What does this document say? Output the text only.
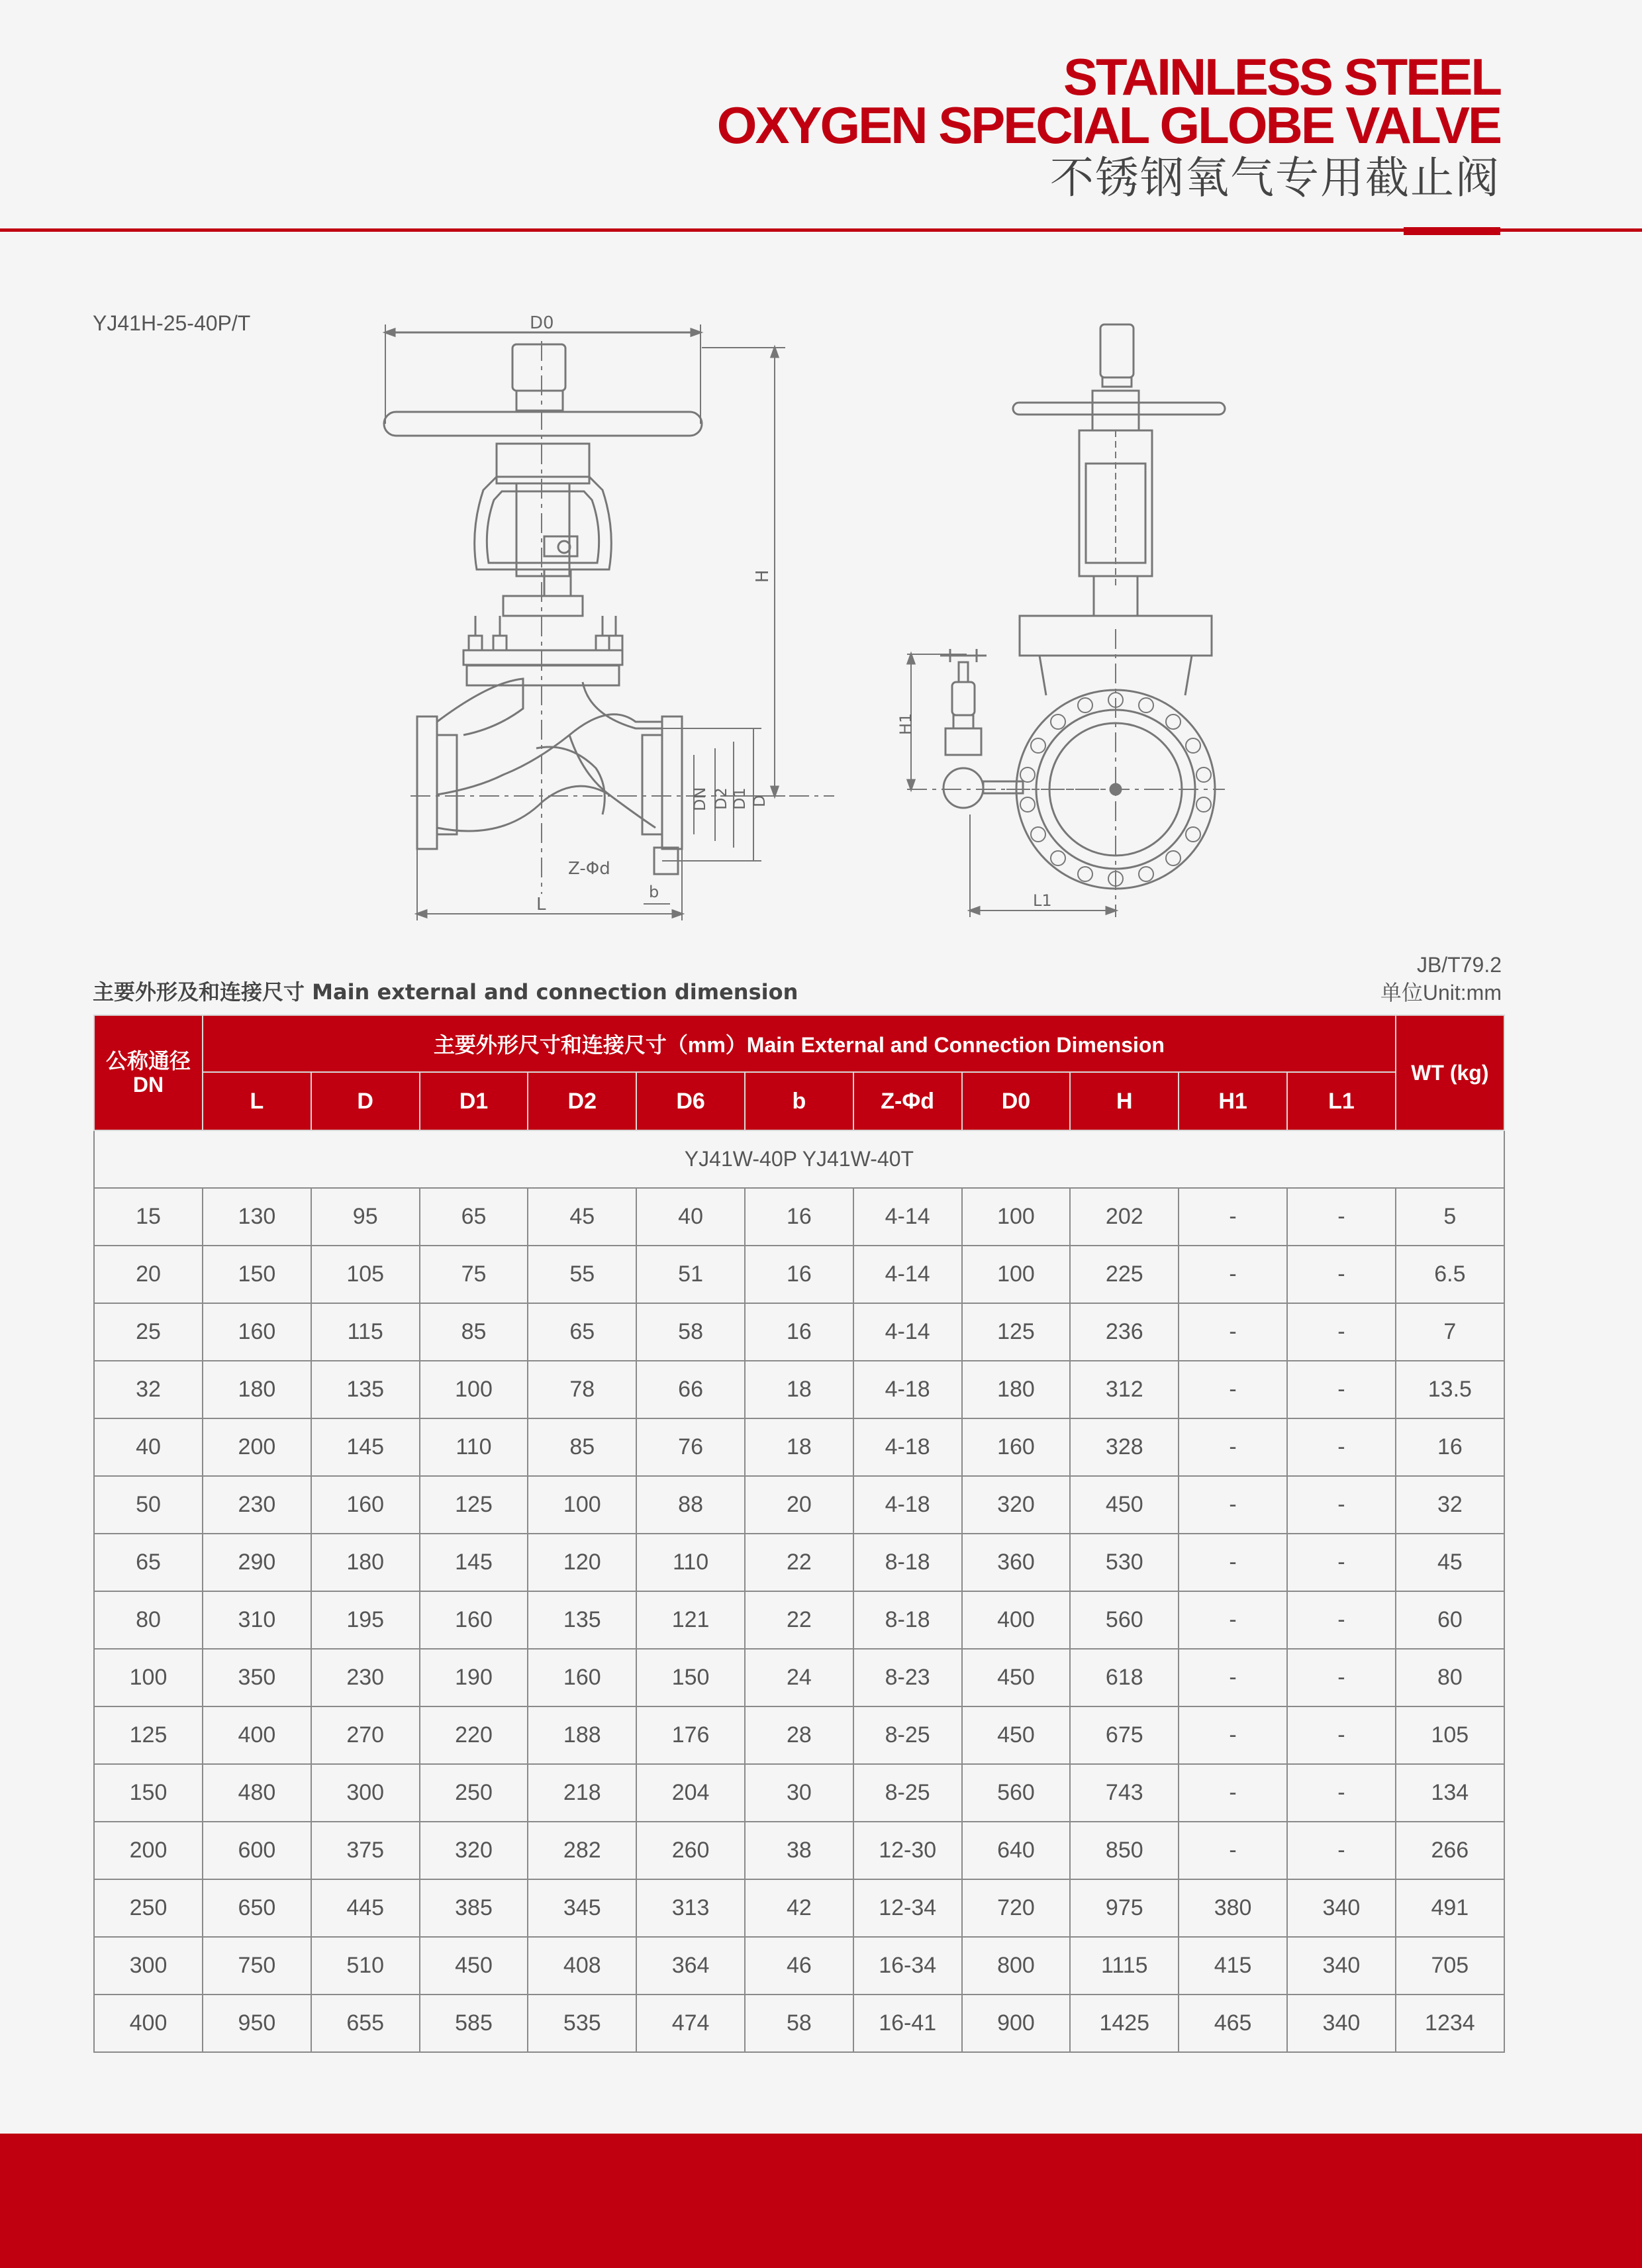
STAINLESS STEEL
OXYGEN SPECIAL GLOBE VALVE
不锈钢氧气专用截止阀
YJ41H-25-40P/T	D0
H
DN D2 D1 D
Z-Φd
b
L
H1
L1
主要外形及和连接尺寸 Main external and connection dimension
JB/T79.2
单位Unit:mm
公称通径 DN	主要外形尺寸和连接尺寸（mm）Main External and Connection Dimension											WT (kg)
	L	D	D1	D2	D6	b	Z-Φd	D0	H	H1	L1	
YJ41W-40P YJ41W-40T												
15	130	95	65	45	40	16	4-14	100	202	-	-	5
20	150	105	75	55	51	16	4-14	100	225	-	-	6.5
25	160	115	85	65	58	16	4-14	125	236	-	-	7
32	180	135	100	78	66	18	4-18	180	312	-	-	13.5
40	200	145	110	85	76	18	4-18	160	328	-	-	16
50	230	160	125	100	88	20	4-18	320	450	-	-	32
65	290	180	145	120	110	22	8-18	360	530	-	-	45
80	310	195	160	135	121	22	8-18	400	560	-	-	60
100	350	230	190	160	150	24	8-23	450	618	-	-	80
125	400	270	220	188	176	28	8-25	450	675	-	-	105
150	480	300	250	218	204	30	8-25	560	743	-	-	134
200	600	375	320	282	260	38	12-30	640	850	-	-	266
250	650	445	385	345	313	42	12-34	720	975	380	340	491
300	750	510	450	408	364	46	16-34	800	1115	415	340	705
400	950	655	585	535	474	58	16-41	900	1425	465	340	1234
